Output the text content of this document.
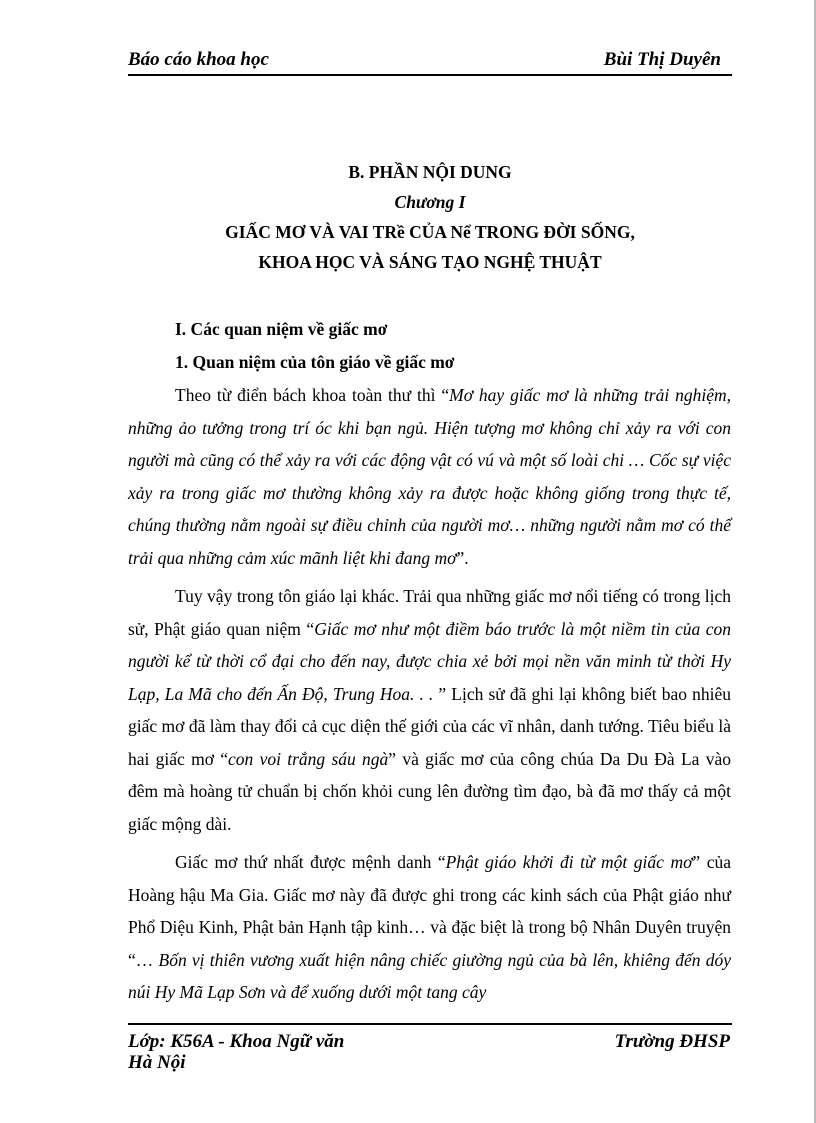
Báo cáo khoa học	Bùi Thị Duyên
B. PHẦN NỘI DUNG
Chương I
GIẤC MƠ VÀ VAI TRề CỦA Nể TRONG ĐỜI SỐNG,
KHOA HỌC VÀ SÁNG TẠO NGHỆ THUẬT
I. Các quan niệm về giấc mơ
1. Quan niệm của tôn giáo về giấc mơ

Theo từ điển bách khoa toàn thư thì “Mơ hay giấc mơ là những trải nghiệm, những ảo tưởng trong trí óc khi bạn ngủ. Hiện tượng mơ không chỉ xảy ra với con người mà cũng có thể xảy ra với các động vật có vú và một số loài chi … Cốc sự việc xảy ra trong giấc mơ thường không xảy ra được hoặc không giống trong thực tế, chúng thường nằm ngoài sự điều chỉnh của người mơ… những người nằm mơ có thể trải qua những cảm xúc mãnh liệt khi đang mơ”.

Tuy vậy trong tôn giáo lại khác. Trải qua những giấc mơ nổi tiếng có trong lịch sử, Phật giáo quan niệm “Giấc mơ như một điềm báo trước là một niềm tin của con người kể từ thời cổ đại cho đến nay, được chia xẻ bởi mọi nền văn minh từ thời Hy Lạp, La Mã cho đến Ấn Độ, Trung Hoa. . . ” Lịch sử đã ghi lại không biết bao nhiêu giấc mơ đã làm thay đổi cả cục diện thế giới của các vĩ nhân, danh tướng. Tiêu biểu là hai giấc mơ “con voi trắng sáu ngà” và giấc mơ của công chúa Da Du Đà La vào đêm mà hoàng tử chuẩn bị chốn khỏi cung lên đường tìm đạo, bà đã mơ thấy cả một giấc mộng dài.

Giấc mơ thứ nhất được mệnh danh “Phật giáo khởi đi từ một giấc mơ” của Hoàng hậu Ma Gia. Giấc mơ này đã được ghi trong các kinh sách của Phật giáo như Phổ Diệu Kinh, Phật bản Hạnh tập kinh… và đặc biệt là trong bộ Nhân Duyên truyện “… Bốn vị thiên vương xuất hiện nâng chiếc giường ngủ của bà lên, khiêng đến dóy núi Hy Mã Lạp Sơn và để xuống dưới một tang cây

Lớp: K56A - Khoa Ngữ văn	Trường ĐHSP
Hà Nội
